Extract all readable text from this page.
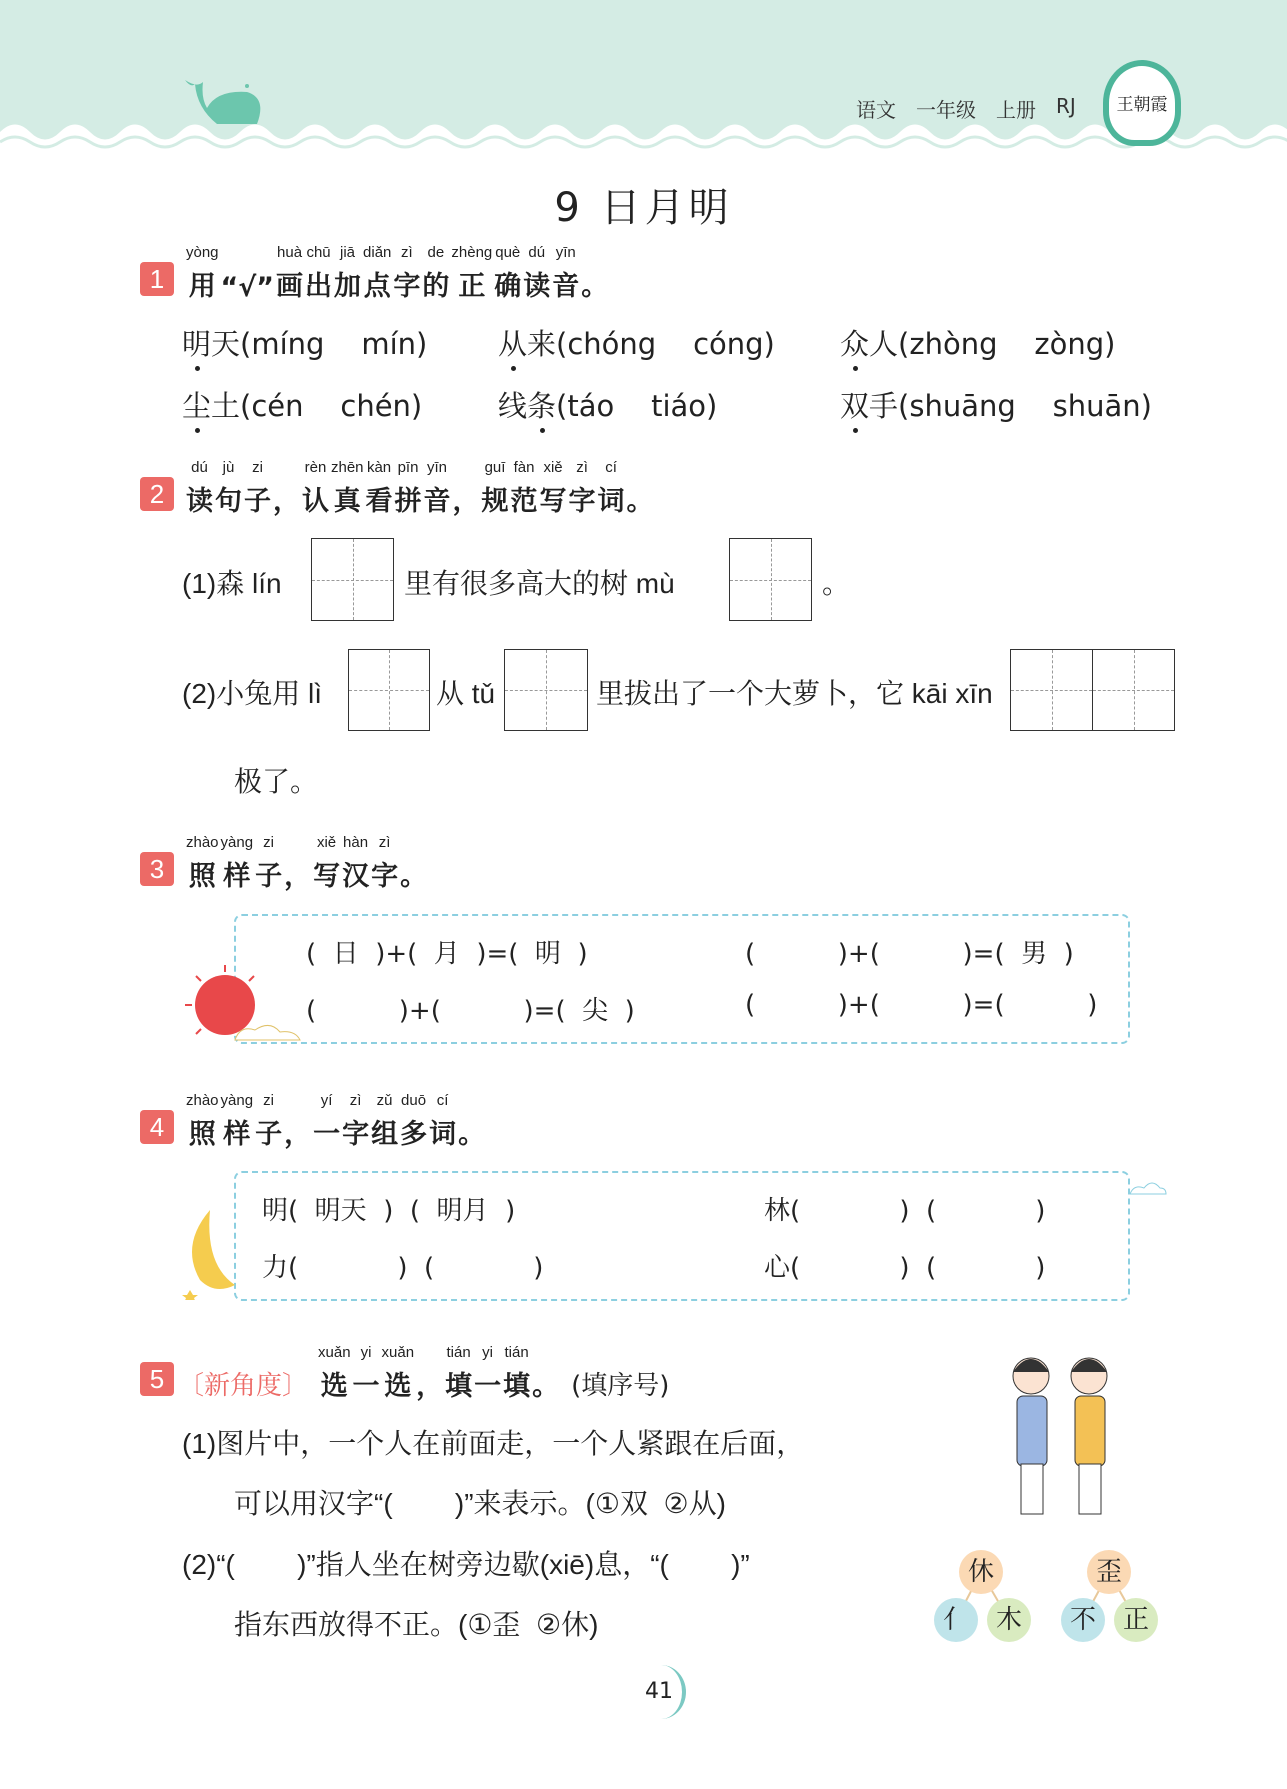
语文 一年级 上册 RJ	王朝霞
9 日月明
1
yòng
用 “√”
huà
画
chū
出
jiā
加
diǎn
点
zì
字
de
的
zhèng
正
què
确
dú
读
yīn
音 。
明天(míng    mín) 从来(chóng    cóng) 众人(zhòng    zòng)
尘土(cén    chén)	线条(táo    tiáo)	双手(shuāng    shuān)
2
dú
读
jù
句
zi
子 ，
rèn
认
zhēn
真
kàn
看
pīn
拼
yīn
音 ，
guī
规
fàn
范
xiě
写
zì
字
cí
词 。
(1)森 lín	里有很多高大的树 mù	。
(2)小兔用 lì	从 tǔ	里拔出了一个大萝卜，它 kāi xīn
极了。
3
zhào
照
yàng
样
zi
子 ，
xiě
写
hàn
汉
zì
字 。
(  日  )+(  月  )=(  明  )	(          )+(          )=(  男  )
(          )+(          )=(  尖  )	(          )+(          )=(          )
4
zhào
照
yàng
样
zi
子 ，
yí
一
zì
字
zǔ
组
duō
多
cí
词 。
明(  明天  )  (  明月  )	林(            )  (            )
力(            )  (            )	心(            )  (            )
5 〔新角度〕
xuǎn
选
yi
一
xuǎn
选 ，
tián
填
yi
一
tián
填 。 (填序号)
(1)图片中，一个人在前面走，一个人紧跟在后面，
可以用汉字“(        )”来表示。(①双  ②从)
(2)“(        )”指人坐在树旁边歇(xiē)息，“(        )”
指东西放得不正。(①歪  ②休)
休
亻	木
歪
不	正
41
